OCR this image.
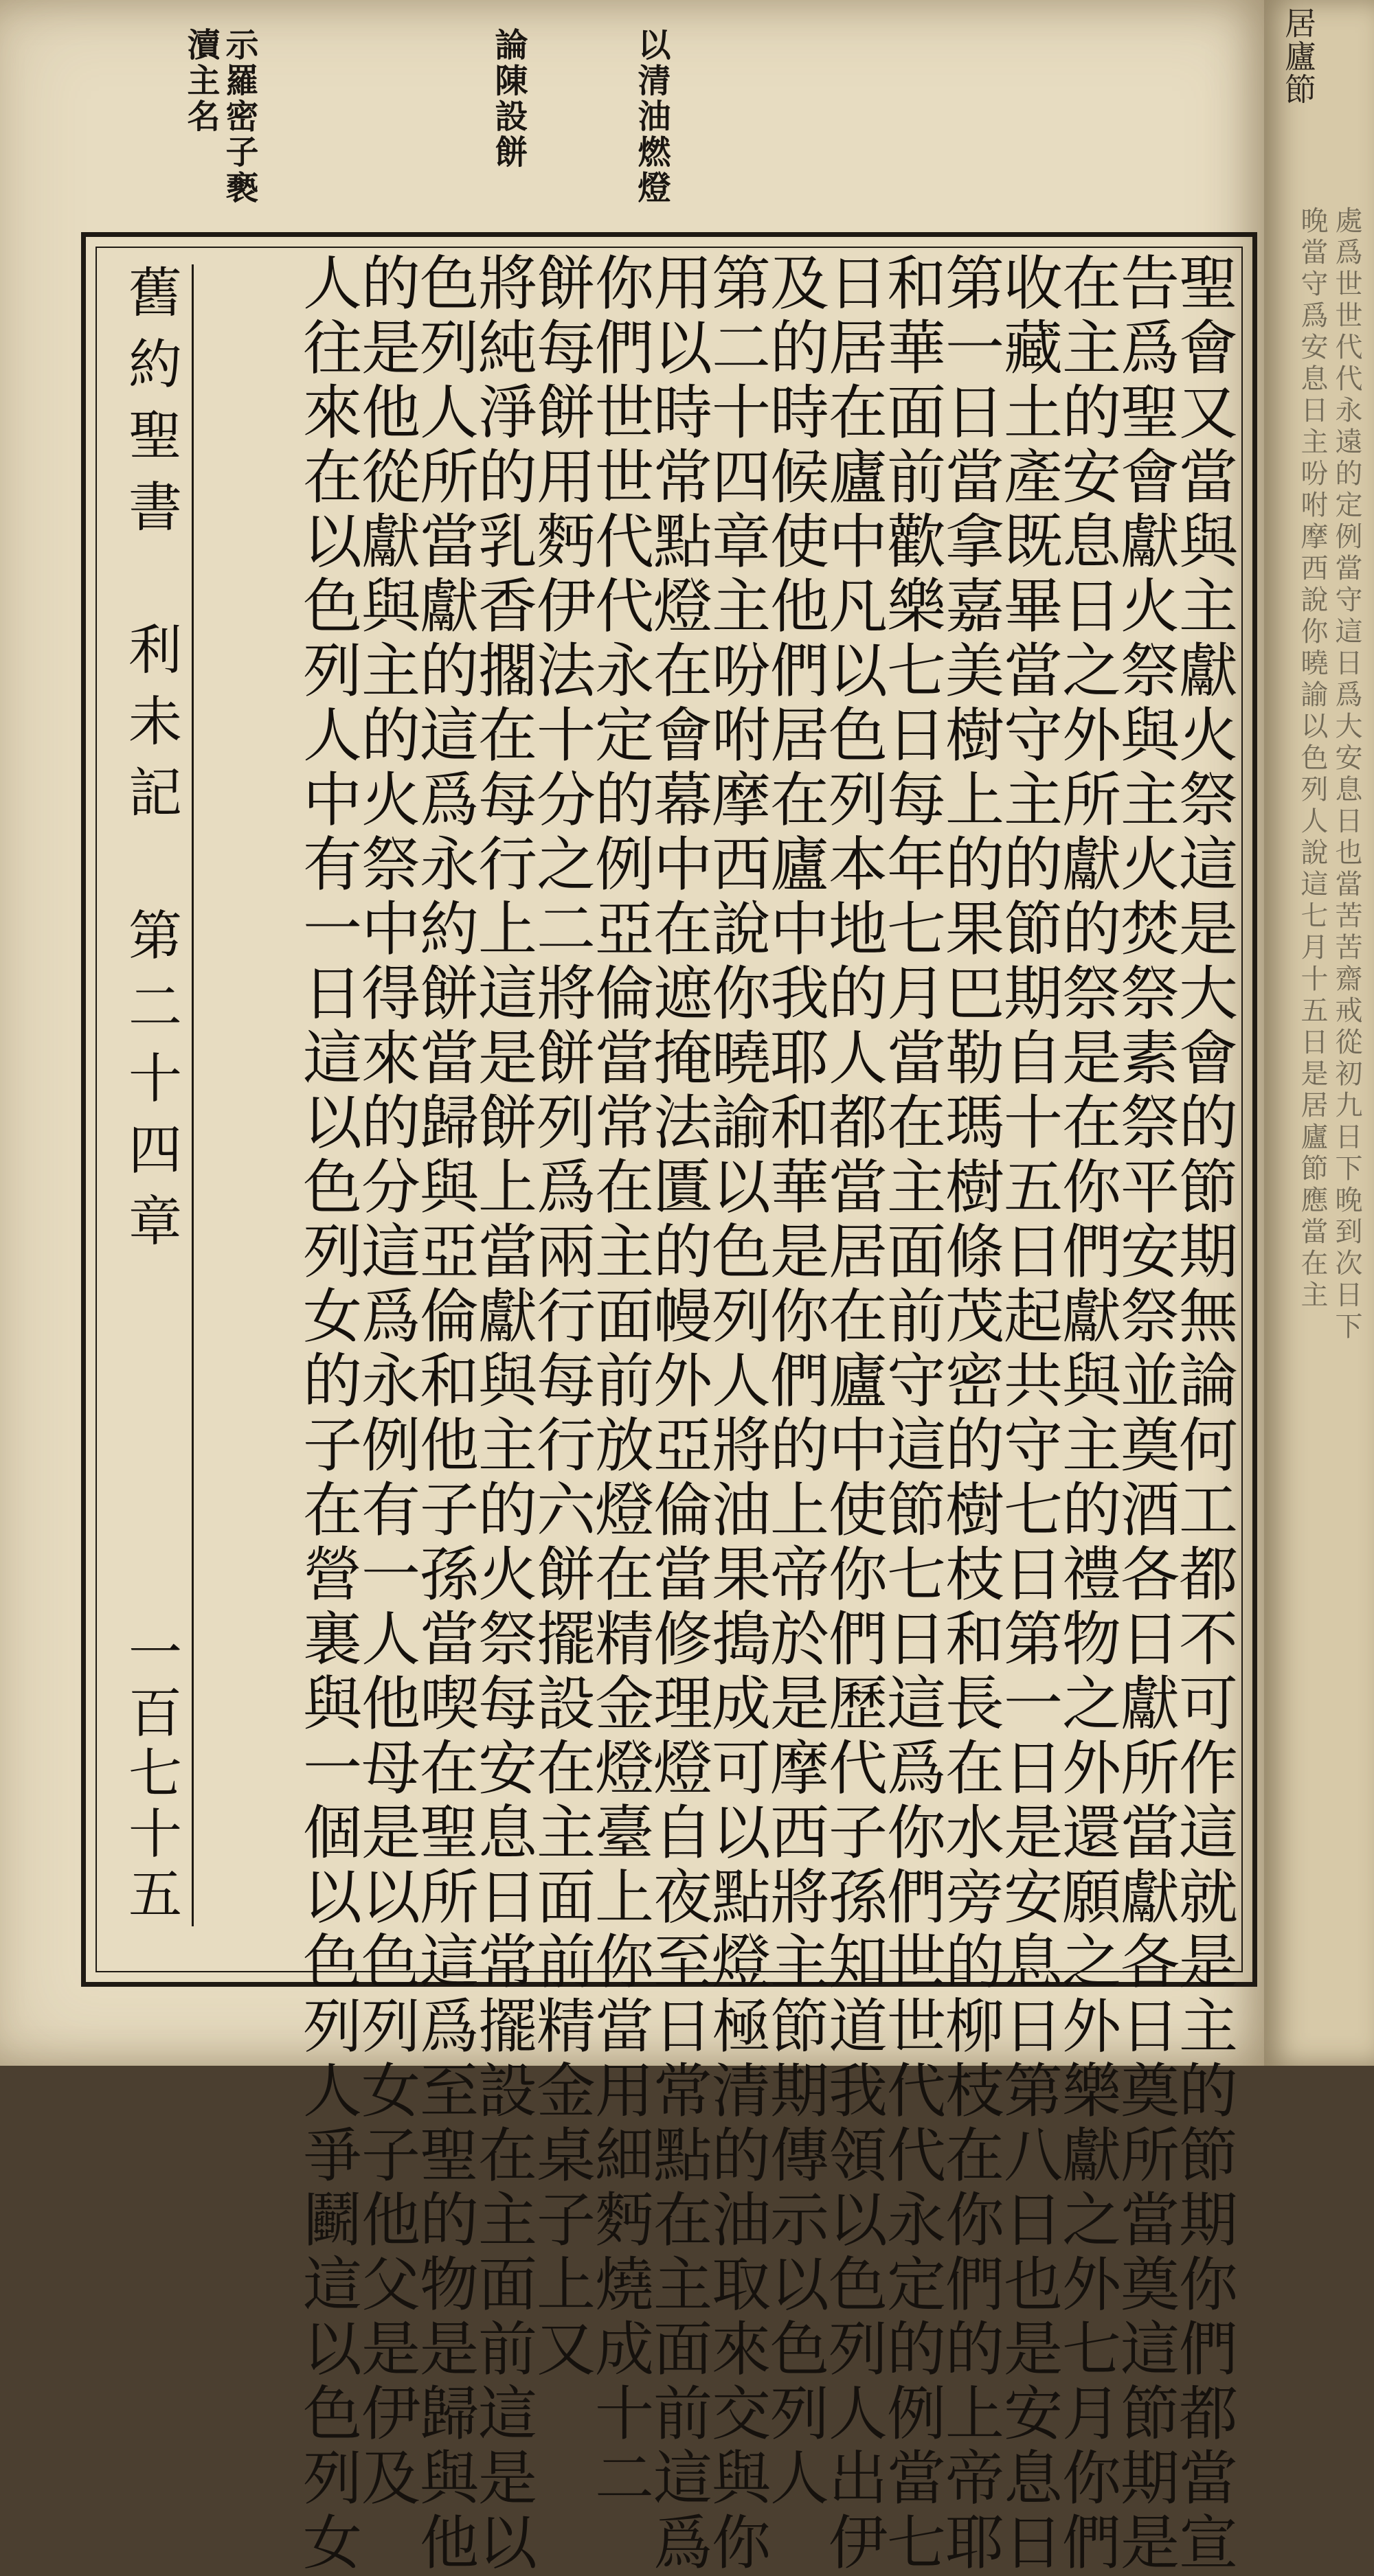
以清油燃燈
論陳設餅
示羅密子褻
瀆主名
聖會又當與主獻火祭這是大會的節期無論何工都不可作這就是主的節期你們都當宣
告爲聖會獻火祭與主火焚祭素祭平安祭並奠酒各日獻所當獻各日奠所當奠這節期是
在主的安息日之外所獻的祭是在你們獻與主的禮物之外還願之外樂獻之外七月你們
收藏土產既畢當守主的節期自十五日起共守七日第一日是安息日第八日也是安息日
第一日當拿嘉美樹上的果巴勒瑪樹條茂密的樹枝和長在水旁的柳枝在你們的上帝耶
和華面前歡樂七日每年七月當在主面前守這節七日這爲你們世世代代永定的例當七
日居在廬中凡以色列本地的人都當居在廬中使你們歷代子孫知道我領以色列人出伊
及的時候使他們居在廬中我耶和華是你們的上帝於是摩西將主節期傳示以色列人
第二十四章主吩咐摩西說你曉諭以色列人將油果搗成可以點燈極清的油取來交與你
用以時常點燈在會幕中在遮掩法匱的幔外亞倫當修理燈自夜至日常點在主面前這爲
你們世世代代永定的例亞倫當常在主面前放燈在精金燈臺上你當用細麪燒成十二
餅每餅用麪伊法十分之二將餅列爲兩行每行六餅擺設在主面前精金桌子上又
將純淨的乳香擱在每行上這是餅上當獻與主的火祭每安息日常擺設在主面前這是以
色列人所當獻的這爲永約餅當歸與亞倫和他子孫當喫在聖所這爲至聖的物是歸與他
的是他從獻與主的火祭中得來的分這爲永例有一人他母是以色列女子他父是伊及
人往來在以色列人中有一日這以色列女的子在營裏與一個以色列人爭鬬這以色列女
舊約聖書　利未記　第二十四章
一百七十五
居廬節
處爲世世代代永遠的定例當守這日爲大安息日也當苦苦齋戒從初九日下晚到次日下
晚當守爲安息日主吩咐摩西說你曉諭以色列人說這七月十五日是居廬節應當在主
